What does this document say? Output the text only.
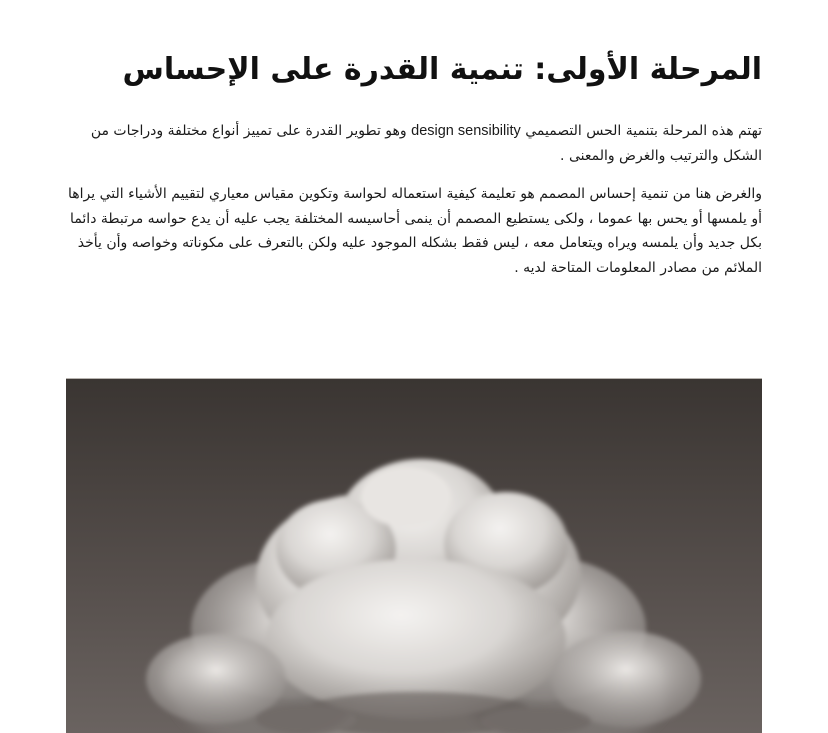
المرحلة الأولى: تنمية القدرة على الإحساس

تهتم هذه المرحلة بتنمية الحس التصميمي design sensibility وهو تطوير القدرة على تمييز أنواع مختلفة ودراجات من الشكل والترتيب والغرض والمعنى .

والغرض هنا من تنمية إحساس المصمم هو تعليمة كيفية استعماله لحواسة وتكوين مقياس معياري لتقييم الأشياء التي يراها أو يلمسها أو يحس بها عموما ، ولكى يستطيع المصمم أن ينمى أحاسيسه المختلفة يجب عليه أن يدع حواسه مرتبطة دائما بكل جديد وأن يلمسه ويراه ويتعامل معه ، ليس فقط بشكله الموجود عليه ولكن بالتعرف على مكوناته وخواصه وأن يأخذ الملائم من مصادر المعلومات المتاحة لديه .
